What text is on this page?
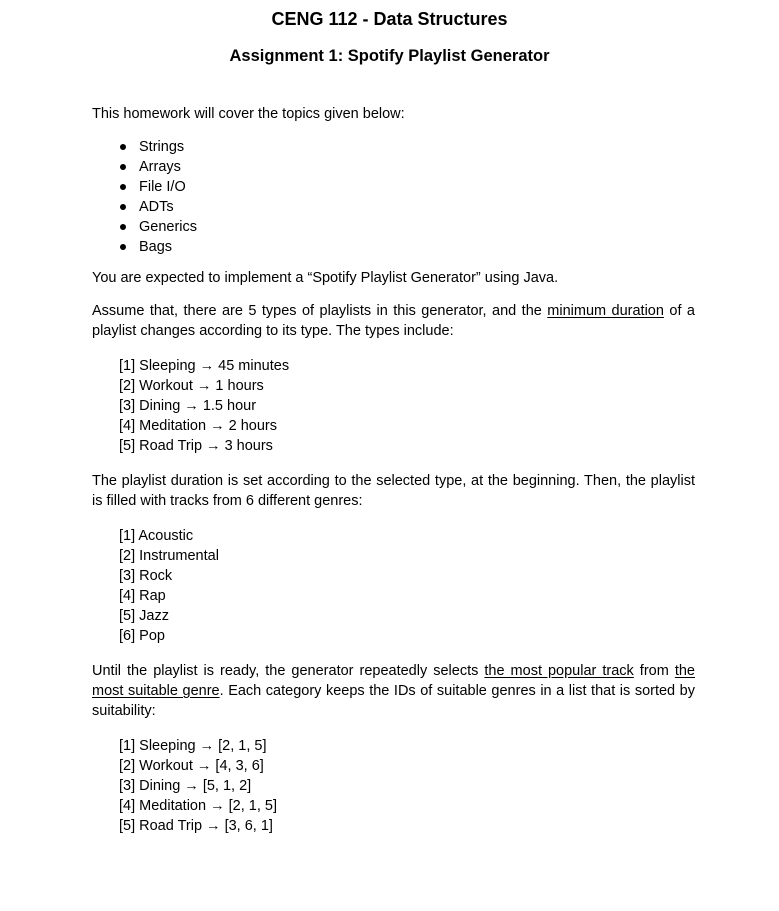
CENG 112 - Data Structures
Assignment 1: Spotify Playlist Generator

This homework will cover the topics given below:

Strings
Arrays
File I/O
ADTs
Generics
Bags

You are expected to implement a “Spotify Playlist Generator” using Java.

Assume that, there are 5 types of playlists in this generator, and the minimum duration of a playlist changes according to its type. The types include:

[1] Sleeping → 45 minutes
[2] Workout → 1 hours
[3] Dining → 1.5 hour
[4] Meditation → 2 hours
[5] Road Trip → 3 hours

The playlist duration is set according to the selected type, at the beginning. Then, the playlist is filled with tracks from 6 different genres:

[1] Acoustic
[2] Instrumental
[3] Rock
[4] Rap
[5] Jazz
[6] Pop

Until the playlist is ready, the generator repeatedly selects the most popular track from the most suitable genre. Each category keeps the IDs of suitable genres in a list that is sorted by suitability:

[1] Sleeping → [2, 1, 5]
[2] Workout → [4, 3, 6]
[3] Dining → [5, 1, 2]
[4] Meditation → [2, 1, 5]
[5] Road Trip → [3, 6, 1]
